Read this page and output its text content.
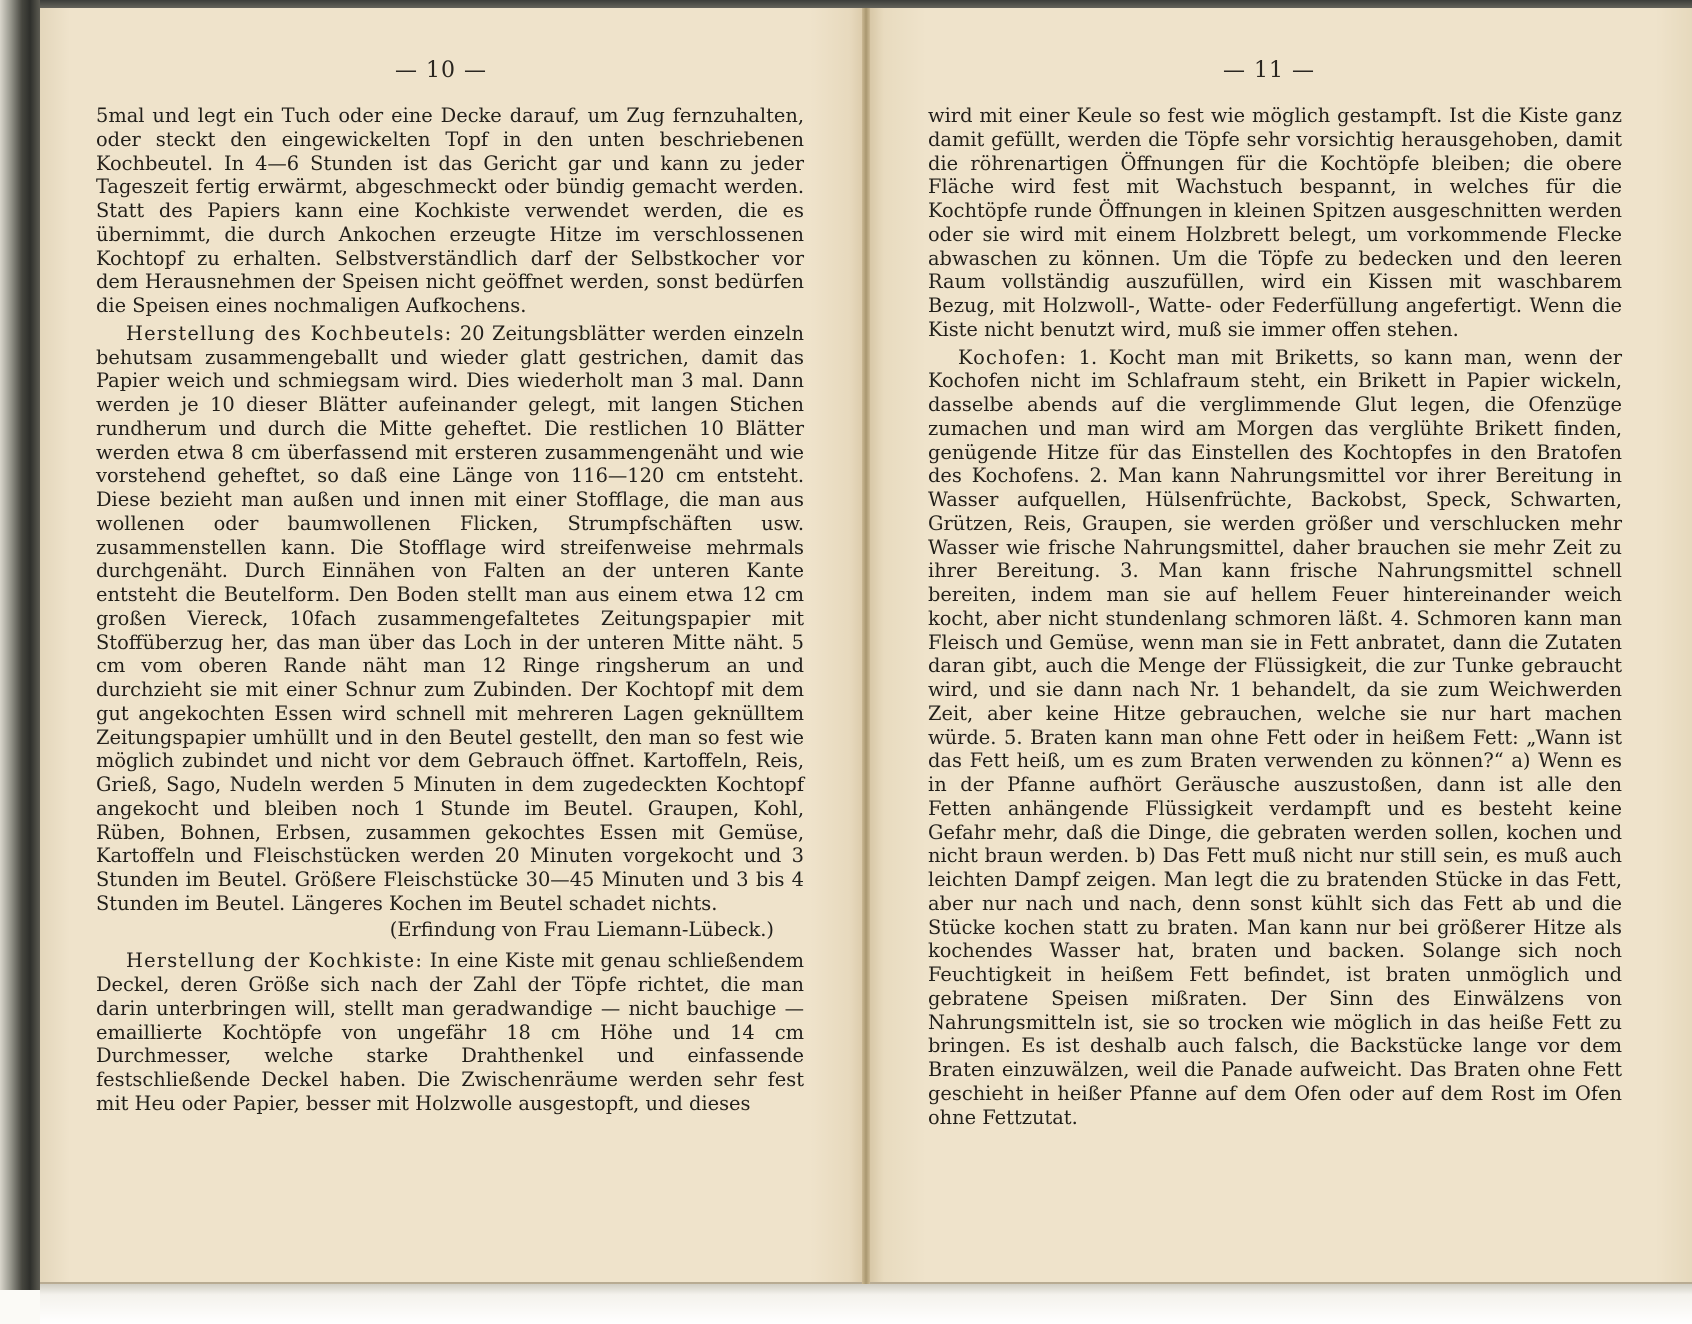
— 10 —

5mal und legt ein Tuch oder eine Decke darauf, um Zug fernzuhalten, oder steckt den eingewickelten Topf in den unten beschriebenen Kochbeutel. In 4—6 Stunden ist das Gericht gar und kann zu jeder Tageszeit fertig erwärmt, abgeschmeckt oder bündig gemacht werden. Statt des Papiers kann eine Kochkiste verwendet werden, die es übernimmt, die durch Ankochen erzeugte Hitze im verschlossenen Kochtopf zu erhalten. Selbstverständlich darf der Selbstkocher vor dem Herausnehmen der Speisen nicht geöffnet werden, sonst bedürfen die Speisen eines nochmaligen Aufkochens.

Herstellung des Kochbeutels: 20 Zeitungsblätter werden einzeln behutsam zusammengeballt und wieder glatt gestrichen, damit das Papier weich und schmiegsam wird. Dies wiederholt man 3 mal. Dann werden je 10 dieser Blätter aufeinander gelegt, mit langen Stichen rundherum und durch die Mitte geheftet. Die restlichen 10 Blätter werden etwa 8 cm überfassend mit ersteren zusammengenäht und wie vorstehend geheftet, so daß eine Länge von 116—120 cm entsteht. Diese bezieht man außen und innen mit einer Stofflage, die man aus wollenen oder baumwollenen Flicken, Strumpfschäften usw. zusammenstellen kann. Die Stofflage wird streifenweise mehrmals durchgenäht. Durch Einnähen von Falten an der unteren Kante entsteht die Beutelform. Den Boden stellt man aus einem etwa 12 cm großen Viereck, 10fach zusammengefaltetes Zeitungspapier mit Stoffüberzug her, das man über das Loch in der unteren Mitte näht. 5 cm vom oberen Rande näht man 12 Ringe ringsherum an und durchzieht sie mit einer Schnur zum Zubinden. Der Kochtopf mit dem gut angekochten Essen wird schnell mit mehreren Lagen geknülltem Zeitungspapier umhüllt und in den Beutel gestellt, den man so fest wie möglich zubindet und nicht vor dem Gebrauch öffnet. Kartoffeln, Reis, Grieß, Sago, Nudeln werden 5 Minuten in dem zugedeckten Kochtopf angekocht und bleiben noch 1 Stunde im Beutel. Graupen, Kohl, Rüben, Bohnen, Erbsen, zusammen gekochtes Essen mit Gemüse, Kartoffeln und Fleischstücken werden 20 Minuten vorgekocht und 3 Stunden im Beutel. Größere Fleischstücke 30—45 Minuten und 3 bis 4 Stunden im Beutel. Längeres Kochen im Beutel schadet nichts.

(Erfindung von Frau Liemann-Lübeck.)

Herstellung der Kochkiste: In eine Kiste mit genau schließendem Deckel, deren Größe sich nach der Zahl der Töpfe richtet, die man darin unterbringen will, stellt man geradwandige — nicht bauchige — emaillierte Kochtöpfe von ungefähr 18 cm Höhe und 14 cm Durchmesser, welche starke Drahthenkel und einfassende festschließende Deckel haben. Die Zwischenräume werden sehr fest mit Heu oder Papier, besser mit Holzwolle ausgestopft, und dieses

— 11 —

wird mit einer Keule so fest wie möglich gestampft. Ist die Kiste ganz damit gefüllt, werden die Töpfe sehr vorsichtig herausgehoben, damit die röhrenartigen Öffnungen für die Kochtöpfe bleiben; die obere Fläche wird fest mit Wachstuch bespannt, in welches für die Kochtöpfe runde Öffnungen in kleinen Spitzen ausgeschnitten werden oder sie wird mit einem Holzbrett belegt, um vorkommende Flecke abwaschen zu können. Um die Töpfe zu bedecken und den leeren Raum vollständig auszufüllen, wird ein Kissen mit waschbarem Bezug, mit Holzwoll-, Watte- oder Federfüllung angefertigt. Wenn die Kiste nicht benutzt wird, muß sie immer offen stehen.

Kochofen: 1. Kocht man mit Briketts, so kann man, wenn der Kochofen nicht im Schlafraum steht, ein Brikett in Papier wickeln, dasselbe abends auf die verglimmende Glut legen, die Ofenzüge zumachen und man wird am Morgen das verglühte Brikett finden, genügende Hitze für das Einstellen des Kochtopfes in den Bratofen des Kochofens. 2. Man kann Nahrungsmittel vor ihrer Bereitung in Wasser aufquellen, Hülsenfrüchte, Backobst, Speck, Schwarten, Grützen, Reis, Graupen, sie werden größer und verschlucken mehr Wasser wie frische Nahrungsmittel, daher brauchen sie mehr Zeit zu ihrer Bereitung. 3. Man kann frische Nahrungsmittel schnell bereiten, indem man sie auf hellem Feuer hintereinander weich kocht, aber nicht stundenlang schmoren läßt. 4. Schmoren kann man Fleisch und Gemüse, wenn man sie in Fett anbratet, dann die Zutaten daran gibt, auch die Menge der Flüssigkeit, die zur Tunke gebraucht wird, und sie dann nach Nr. 1 behandelt, da sie zum Weichwerden Zeit, aber keine Hitze gebrauchen, welche sie nur hart machen würde. 5. Braten kann man ohne Fett oder in heißem Fett: „Wann ist das Fett heiß, um es zum Braten verwenden zu können?“ a) Wenn es in der Pfanne aufhört Geräusche auszustoßen, dann ist alle den Fetten anhängende Flüssigkeit verdampft und es besteht keine Gefahr mehr, daß die Dinge, die gebraten werden sollen, kochen und nicht braun werden. b) Das Fett muß nicht nur still sein, es muß auch leichten Dampf zeigen. Man legt die zu bratenden Stücke in das Fett, aber nur nach und nach, denn sonst kühlt sich das Fett ab und die Stücke kochen statt zu braten. Man kann nur bei größerer Hitze als kochendes Wasser hat, braten und backen. Solange sich noch Feuchtigkeit in heißem Fett befindet, ist braten unmöglich und gebratene Speisen mißraten. Der Sinn des Einwälzens von Nahrungsmitteln ist, sie so trocken wie möglich in das heiße Fett zu bringen. Es ist deshalb auch falsch, die Backstücke lange vor dem Braten einzuwälzen, weil die Panade aufweicht. Das Braten ohne Fett geschieht in heißer Pfanne auf dem Ofen oder auf dem Rost im Ofen ohne Fettzutat.
